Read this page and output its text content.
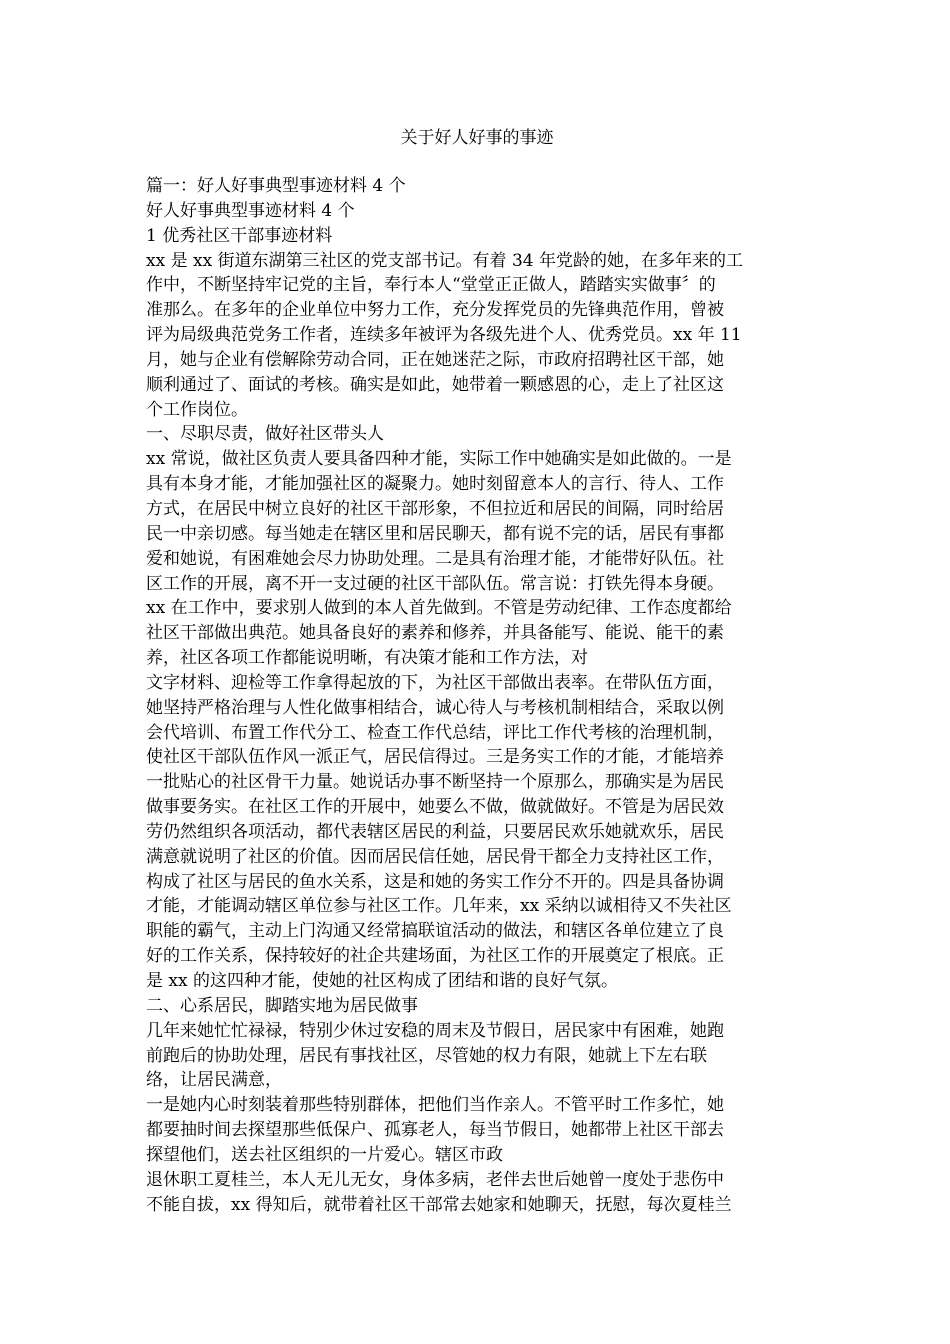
关于好人好事的事迹
篇一：好人好事典型事迹材料 4 个
好人好事典型事迹材料 4 个
1 优秀社区干部事迹材料
xx 是 xx 街道东湖第三社区的党支部书记。有着 34 年党龄的她，在多年来的工
作中，不断坚持牢记党的主旨，奉行本人“堂堂正正做人，踏踏实实做事〞的
准那么。在多年的企业单位中努力工作，充分发挥党员的先锋典范作用，曾被
评为局级典范党务工作者，连续多年被评为各级先进个人、优秀党员。xx 年 11
月，她与企业有偿解除劳动合同，正在她迷茫之际，市政府招聘社区干部，她
顺利通过了、面试的考核。确实是如此，她带着一颗感恩的心，走上了社区这
个工作岗位。
一、尽职尽责，做好社区带头人
xx 常说，做社区负责人要具备四种才能，实际工作中她确实是如此做的。一是
具有本身才能，才能加强社区的凝聚力。她时刻留意本人的言行、待人、工作
方式，在居民中树立良好的社区干部形象，不但拉近和居民的间隔，同时给居
民一中亲切感。每当她走在辖区里和居民聊天，都有说不完的话，居民有事都
爱和她说，有困难她会尽力协助处理。二是具有治理才能，才能带好队伍。社
区工作的开展，离不开一支过硬的社区干部队伍。常言说：打铁先得本身硬。
xx 在工作中，要求别人做到的本人首先做到。不管是劳动纪律、工作态度都给
社区干部做出典范。她具备良好的素养和修养，并具备能写、能说、能干的素
养，社区各项工作都能说明晰，有决策才能和工作方法，对
文字材料、迎检等工作拿得起放的下，为社区干部做出表率。在带队伍方面，
她坚持严格治理与人性化做事相结合，诚心待人与考核机制相结合，采取以例
会代培训、布置工作代分工、检查工作代总结，评比工作代考核的治理机制，
使社区干部队伍作风一派正气，居民信得过。三是务实工作的才能，才能培养
一批贴心的社区骨干力量。她说话办事不断坚持一个原那么，那确实是为居民
做事要务实。在社区工作的开展中，她要么不做，做就做好。不管是为居民效
劳仍然组织各项活动，都代表辖区居民的利益，只要居民欢乐她就欢乐，居民
满意就说明了社区的价值。因而居民信任她，居民骨干都全力支持社区工作，
构成了社区与居民的鱼水关系，这是和她的务实工作分不开的。四是具备协调
才能，才能调动辖区单位参与社区工作。几年来，xx 采纳以诚相待又不失社区
职能的霸气，主动上门沟通又经常搞联谊活动的做法，和辖区各单位建立了良
好的工作关系，保持较好的社企共建场面，为社区工作的开展奠定了根底。正
是 xx 的这四种才能，使她的社区构成了团结和谐的良好气氛。
二、心系居民，脚踏实地为居民做事
几年来她忙忙禄禄，特别少休过安稳的周末及节假日，居民家中有困难，她跑
前跑后的协助处理，居民有事找社区，尽管她的权力有限，她就上下左右联
络，让居民满意，
一是她内心时刻装着那些特别群体，把他们当作亲人。不管平时工作多忙，她
都要抽时间去探望那些低保户、孤寡老人，每当节假日，她都带上社区干部去
探望他们，送去社区组织的一片爱心。辖区市政
退休职工夏桂兰，本人无儿无女，身体多病，老伴去世后她曾一度处于悲伤中
不能自拔，xx 得知后，就带着社区干部常去她家和她聊天，抚慰，每次夏桂兰
